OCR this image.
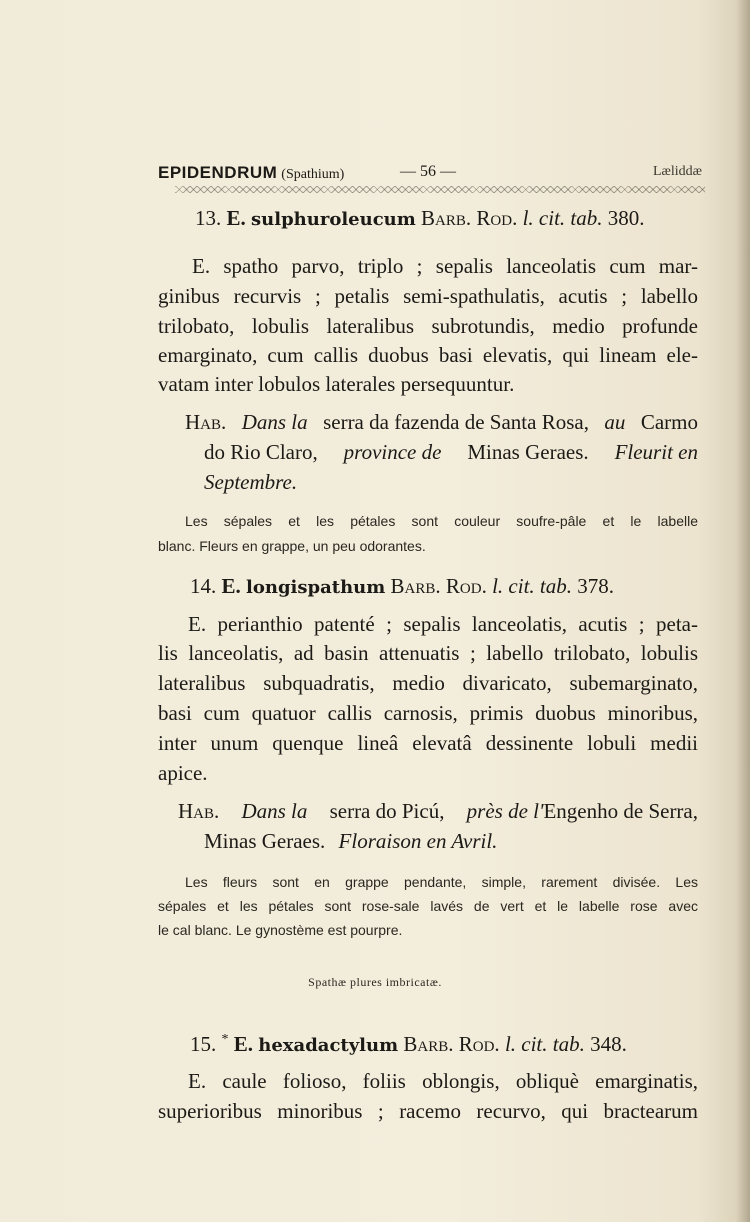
EPIDENDRUM (Spathium)	— 56 —	Læliddæ
13. E. sulphuroleucum Barb. Rod. l. cit. tab. 380.
E. spatho parvo, triplo ; sepalis lanceolatis cum mar-
ginibus recurvis ; petalis semi-spathulatis, acutis ; labello
trilobato, lobulis lateralibus subrotundis, medio profunde
emarginato, cum callis duobus basi elevatis, qui lineam ele-
vatam inter lobulos laterales persequuntur.
Hab. Dans la serra da fazenda de Santa Rosa, au Carmo
do Rio Claro, province de Minas Geraes. Fleurit en
Septembre.
Les sépales et les pétales sont couleur soufre-pâle et le labelle
blanc. Fleurs en grappe, un peu odorantes.
14. E. longispathum Barb. Rod. l. cit. tab. 378.
E. perianthio patenté ; sepalis lanceolatis, acutis ; peta-
lis lanceolatis, ad basin attenuatis ; labello trilobato, lobulis
lateralibus subquadratis, medio divaricato, subemarginato,
basi cum quatuor callis carnosis, primis duobus minoribus,
inter unum quenque lineâ elevatâ dessinente lobuli medii
apice.
Hab. Dans la serra do Picú, près de l'Engenho de Serra,
Minas Geraes. Floraison en Avril.
Les fleurs sont en grappe pendante, simple, rarement divisée. Les
sépales et les pétales sont rose-sale lavés de vert et le labelle rose avec
le cal blanc. Le gynostème est pourpre.
Spathæ plures imbricatæ.
15. * E. hexadactylum Barb. Rod. l. cit. tab. 348.
E. caule folioso, foliis oblongis, obliquè emarginatis,
superioribus minoribus ; racemo recurvo, qui bractearum
